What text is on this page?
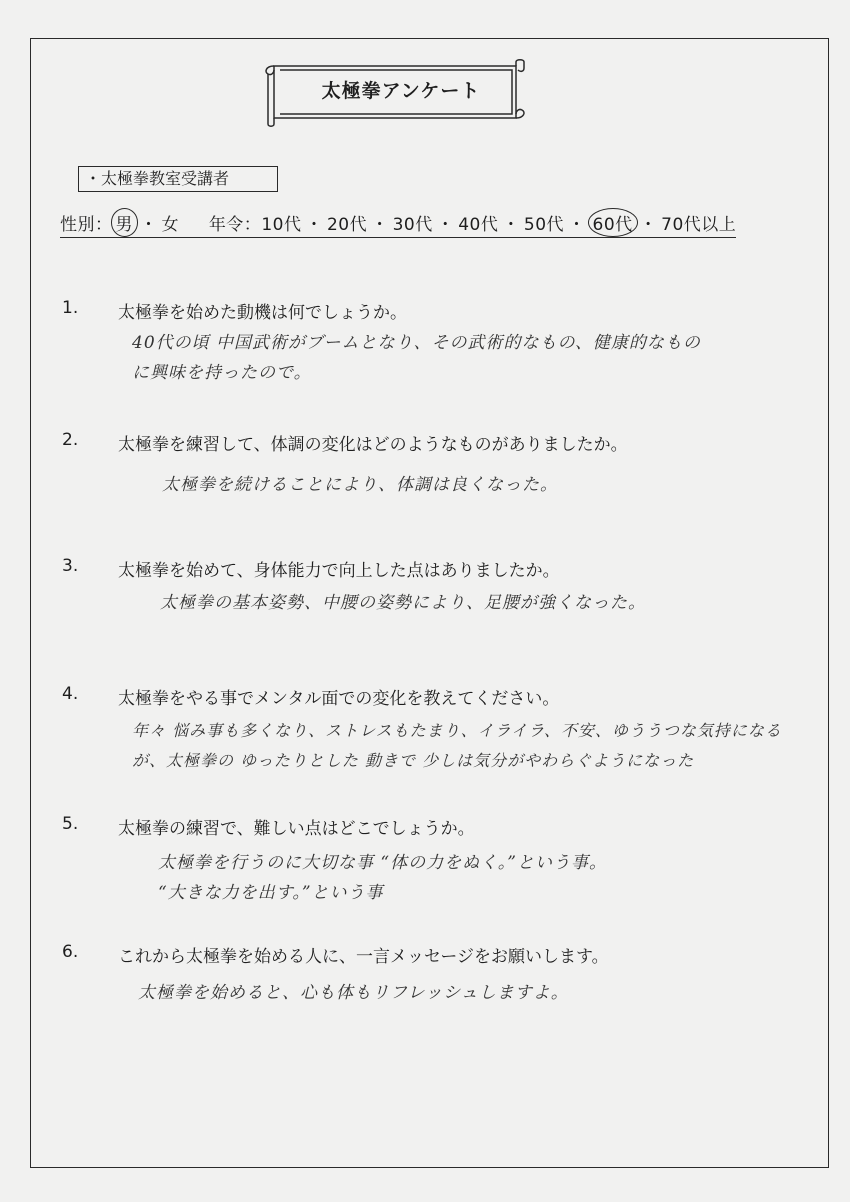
太極拳アンケート
・太極拳教室受講者
性別： 男 ・ 女 年令：10代 ・ 20代 ・ 30代 ・ 40代 ・ 50代 ・ 60代 ・ 70代以上
1.	太極拳を始めた動機は何でしょうか。
40代の頃 中国武術がブームとなり、その武術的なもの、健康的なもの
に興味を持ったので。
2.	太極拳を練習して、体調の変化はどのようなものがありましたか。
太極拳を続けることにより、体調は良くなった。
3.	太極拳を始めて、身体能力で向上した点はありましたか。
太極拳の基本姿勢、中腰の姿勢により、足腰が強くなった。
4.	太極拳をやる事でメンタル面での変化を教えてください。
年々 悩み事も多くなり、ストレスもたまり、イライラ、不安、ゆううつな気持になる
が、太極拳の ゆったりとした 動きで 少しは気分がやわらぐようになった
5.	太極拳の練習で、難しい点はどこでしょうか。
太極拳を行うのに大切な事 “体の力をぬく。”という事。
“大きな力を出す。”という事
6.	これから太極拳を始める人に、一言メッセージをお願いします。
太極拳を始めると、心も体もリフレッシュしますよ。
